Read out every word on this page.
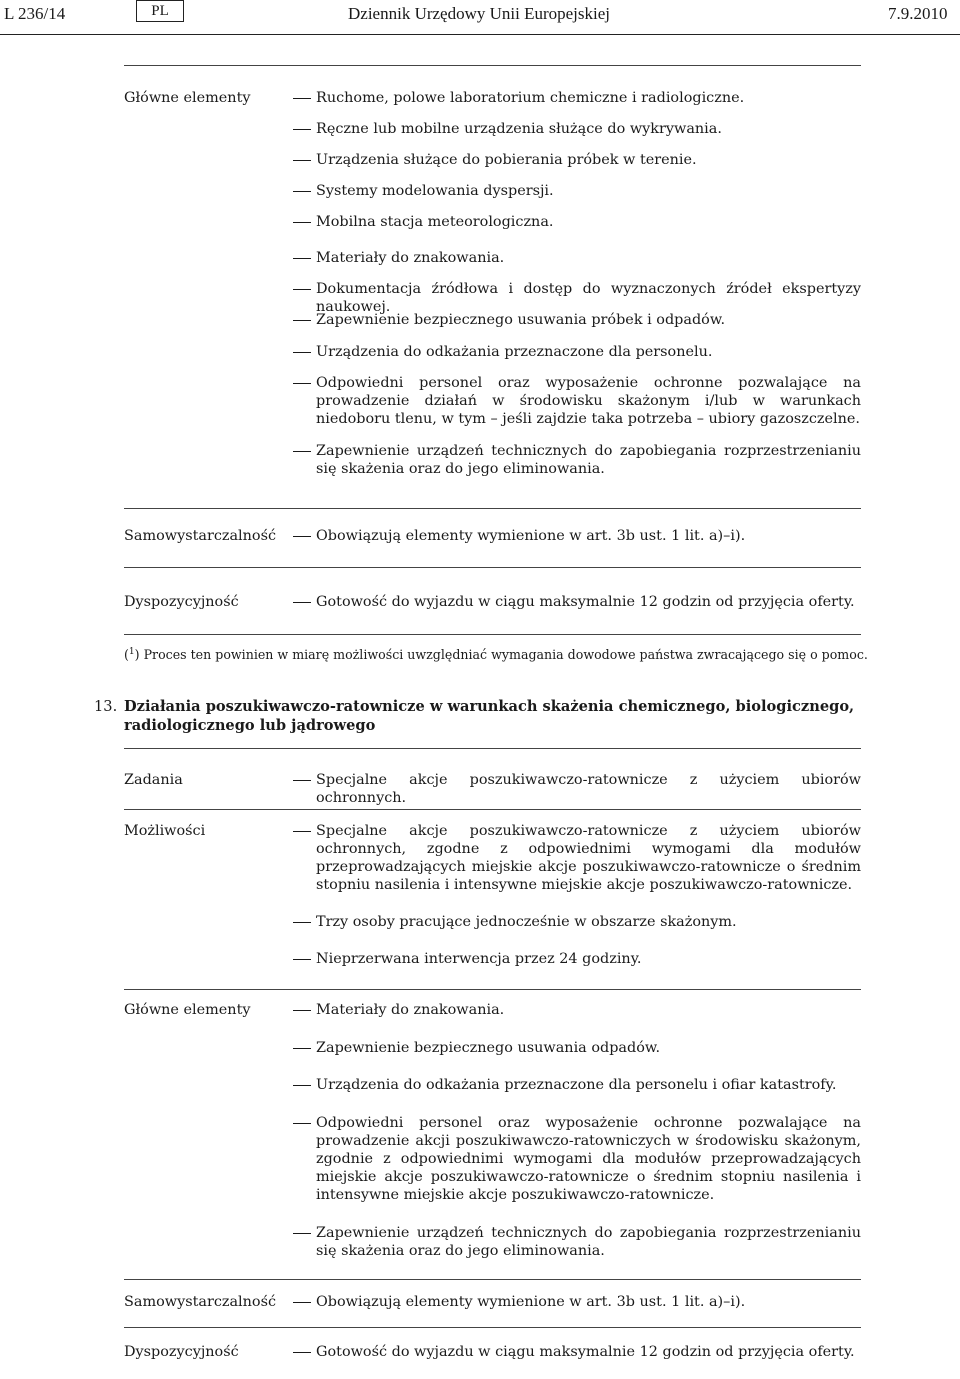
L 236/14	PL	Dziennik Urzędowy Unii Europejskiej	7.9.2010
Główne elementy	Ruchome, polowe laboratorium chemiczne i radiologiczne.
Ręczne lub mobilne urządzenia służące do wykrywania.
Urządzenia służące do pobierania próbek w terenie.
Systemy modelowania dyspersji.
Mobilna stacja meteorologiczna.
Materiały do znakowania.
Dokumentacja źródłowa i dostęp do wyznaczonych źródeł ekspertyzy naukowej.
Zapewnienie bezpiecznego usuwania próbek i odpadów.
Urządzenia do odkażania przeznaczone dla personelu.
Odpowiedni personel oraz wyposażenie ochronne pozwalające na prowadzenie działań w środowisku skażonym i/lub w warunkach niedoboru tlenu, w tym – jeśli zajdzie taka potrzeba – ubiory gazoszczelne.
Zapewnienie urządzeń technicznych do zapobiegania rozprzestrzenianiu się skażenia oraz do jego eliminowania.
Samowystarczalność	Obowiązują elementy wymienione w art. 3b ust. 1 lit. a)–i).
Dyspozycyjność	Gotowość do wyjazdu w ciągu maksymalnie 12 godzin od przyjęcia oferty.
($^1$) Proces ten powinien w miarę możliwości uwzględniać wymagania dowodowe państwa zwracającego się o pomoc.
13. Działania poszukiwawczo-ratownicze w warunkach skażenia chemicznego, biologicznego, radiologicznego lub jądrowego
Zadania	Specjalne akcje poszukiwawczo-ratownicze z użyciem ubiorów ochronnych.
Możliwości	Specjalne akcje poszukiwawczo-ratownicze z użyciem ubiorów ochronnych, zgodne z odpowiednimi wymogami dla modułów przeprowadzających miejskie akcje poszukiwawczo-ratownicze o średnim stopniu nasilenia i intensywne miejskie akcje poszukiwawczo-ratownicze.
Trzy osoby pracujące jednocześnie w obszarze skażonym.
Nieprzerwana interwencja przez 24 godziny.
Główne elementy	Materiały do znakowania.
Zapewnienie bezpiecznego usuwania odpadów.
Urządzenia do odkażania przeznaczone dla personelu i ofiar katastrofy.
Odpowiedni personel oraz wyposażenie ochronne pozwalające na prowadzenie akcji poszukiwawczo-ratowniczych w środowisku skażonym, zgodnie z odpowiednimi wymogami dla modułów przeprowadzających miejskie akcje poszukiwawczo-ratownicze o średnim stopniu nasilenia i intensywne miejskie akcje poszukiwawczo-ratownicze.
Zapewnienie urządzeń technicznych do zapobiegania rozprzestrzenianiu się skażenia oraz do jego eliminowania.
Samowystarczalność	Obowiązują elementy wymienione w art. 3b ust. 1 lit. a)–i).
Dyspozycyjność	Gotowość do wyjazdu w ciągu maksymalnie 12 godzin od przyjęcia oferty.
